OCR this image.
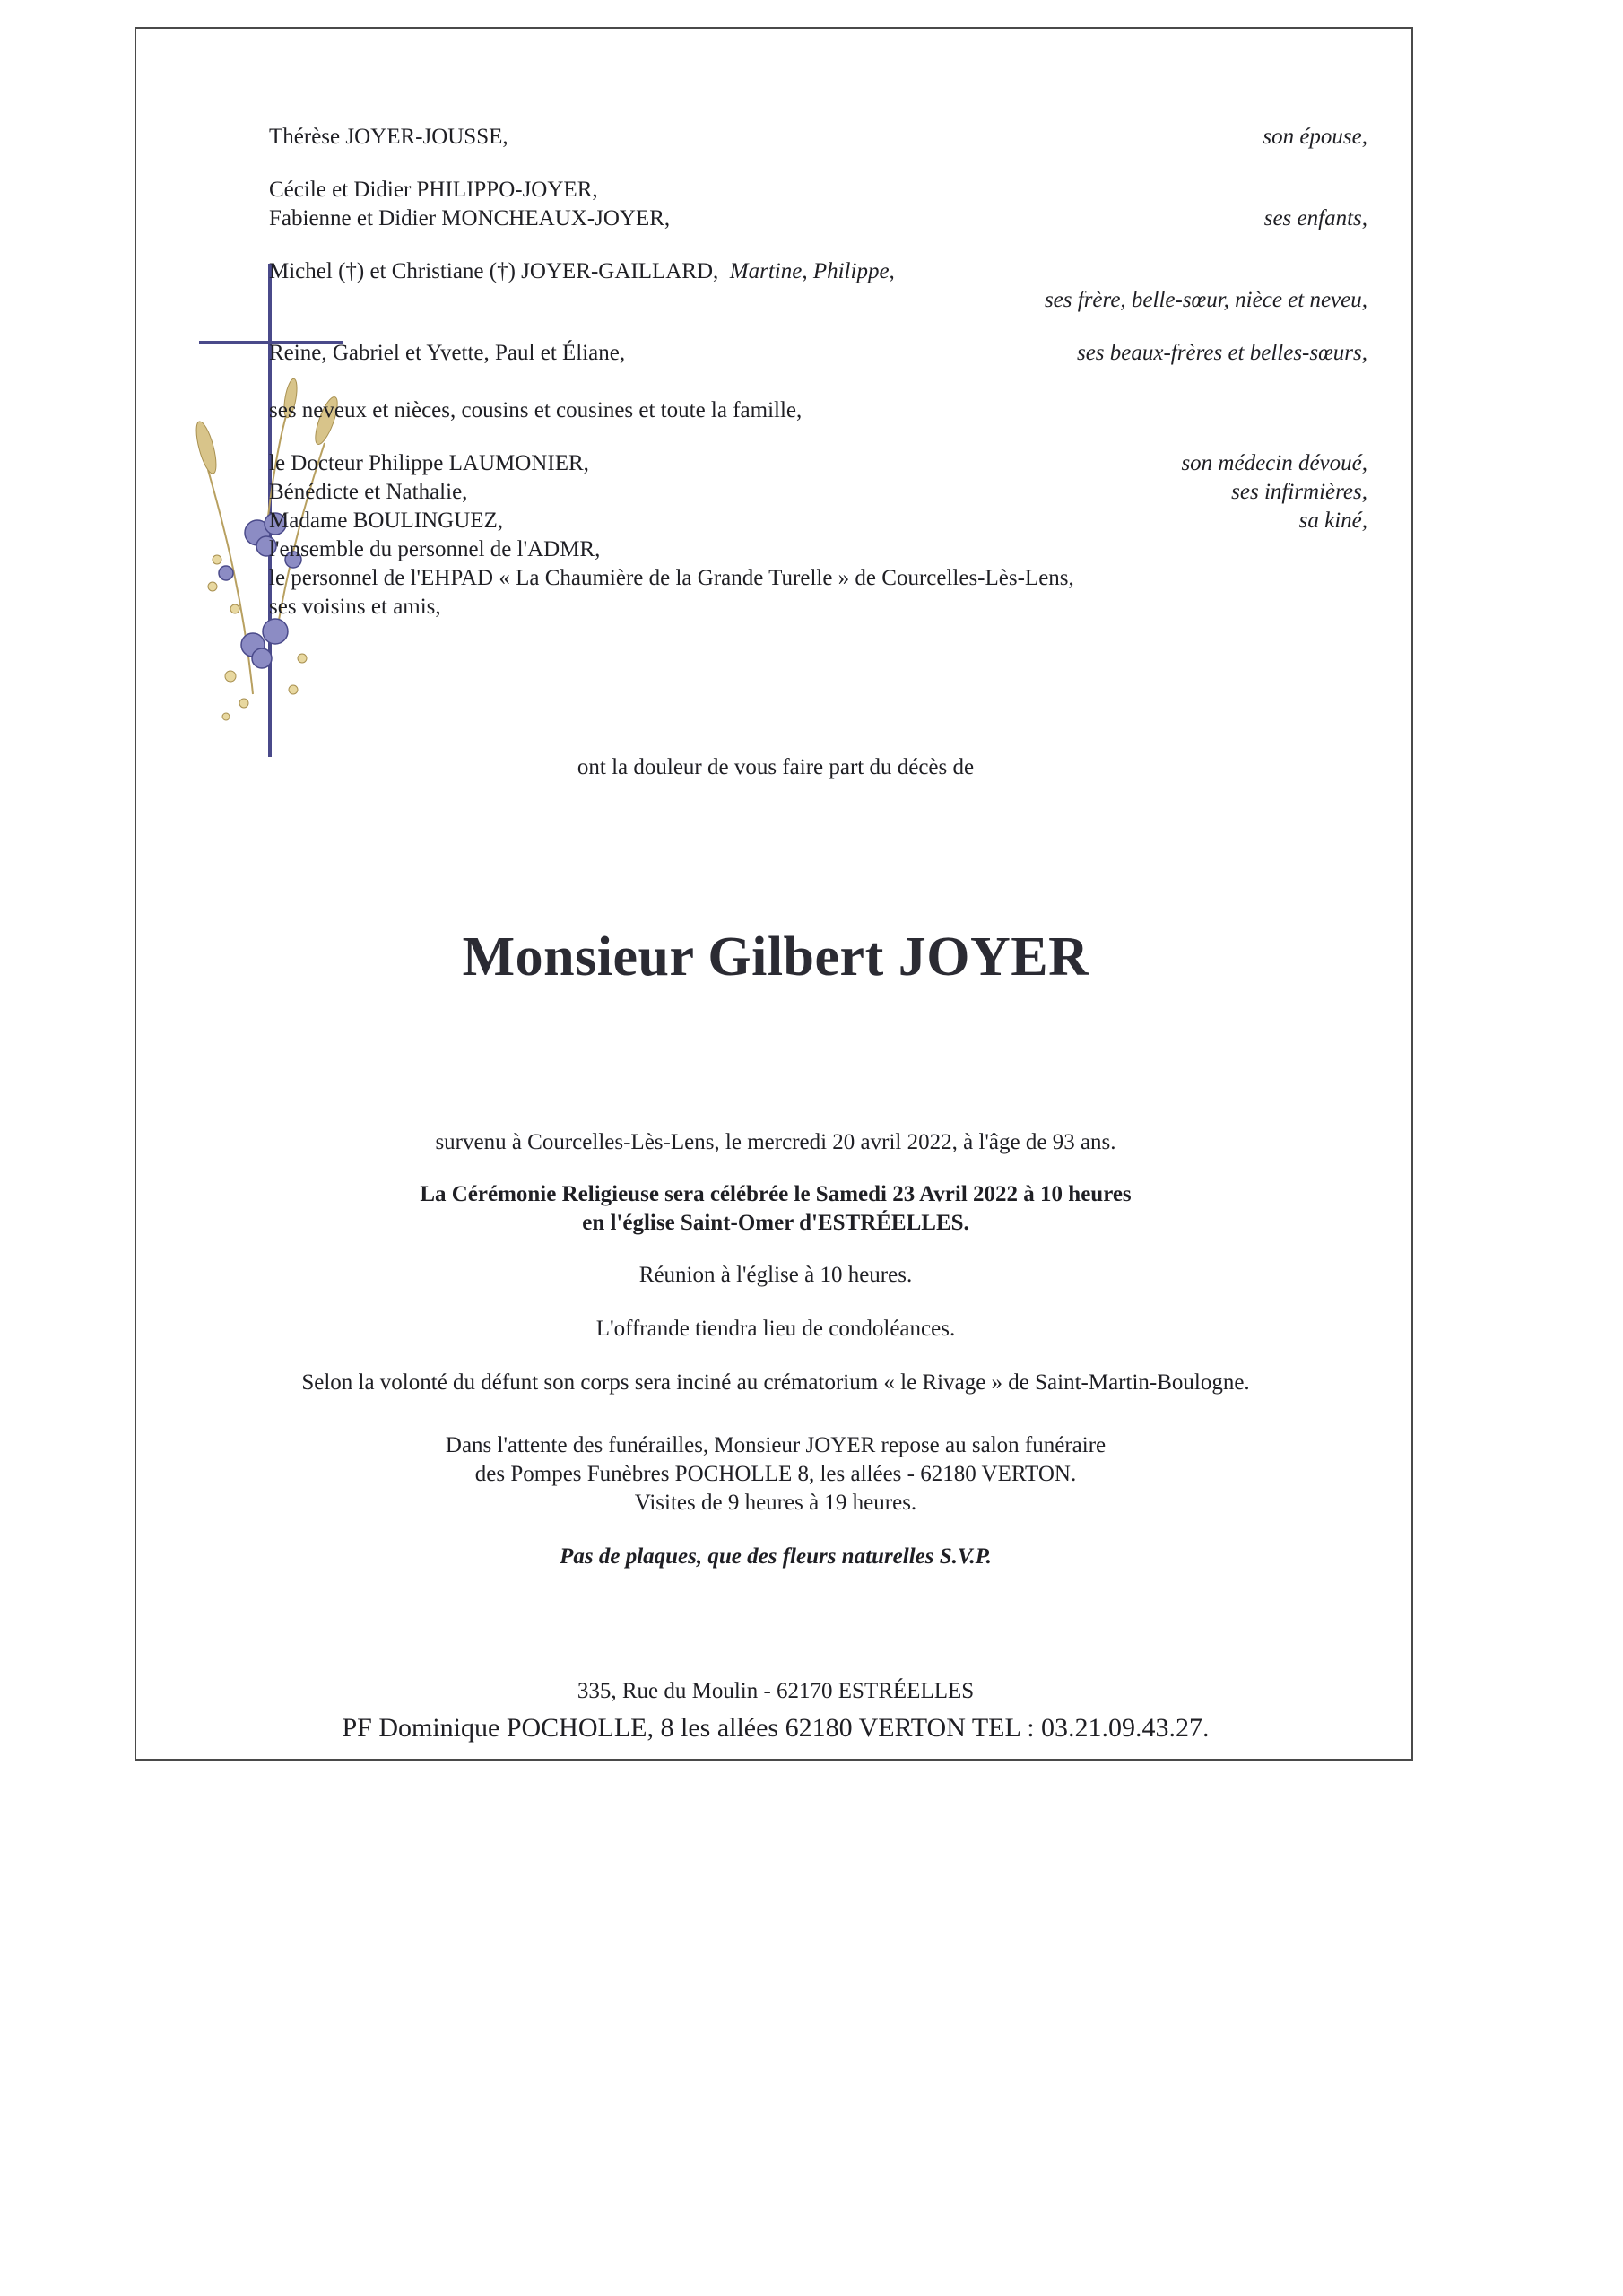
Thérèse JOYER-JOUSSE,	son épouse,
Cécile et Didier PHILIPPO-JOYER,
Fabienne et Didier MONCHEAUX-JOYER,	ses enfants,
Michel (†) et Christiane (†) JOYER-GAILLARD, Martine, Philippe,
ses frère, belle-sœur, nièce et neveu,
Reine, Gabriel et Yvette, Paul et Éliane,	ses beaux-frères et belles-sœurs,
ses neveux et nièces, cousins et cousines et toute la famille,
le Docteur Philippe LAUMONIER,	son médecin dévoué,
Bénédicte et Nathalie,	ses infirmières,
Madame BOULINGUEZ,	sa kiné,
l'ensemble du personnel de l'ADMR,
le personnel de l'EHPAD « La Chaumière de la Grande Turelle » de Courcelles-Lès-Lens,
ses voisins et amis,
ont la douleur de vous faire part du décès de
Monsieur Gilbert JOYER
survenu à Courcelles-Lès-Lens, le mercredi 20 avril 2022, à l'âge de 93 ans.
La Cérémonie Religieuse sera célébrée le Samedi 23 Avril 2022 à 10 heures
en l'église Saint-Omer d'ESTRÉELLES.
Réunion à l'église à 10 heures.
L'offrande tiendra lieu de condoléances.
Selon la volonté du défunt son corps sera inciné au crématorium « le Rivage » de Saint-Martin-Boulogne.
Dans l'attente des funérailles, Monsieur JOYER repose au salon funéraire
des Pompes Funèbres POCHOLLE 8, les allées - 62180 VERTON.
Visites de 9 heures à 19 heures.
Pas de plaques, que des fleurs naturelles S.V.P.
335, Rue du Moulin - 62170 ESTRÉELLES
PF Dominique POCHOLLE, 8 les allées 62180 VERTON TEL : 03.21.09.43.27.
